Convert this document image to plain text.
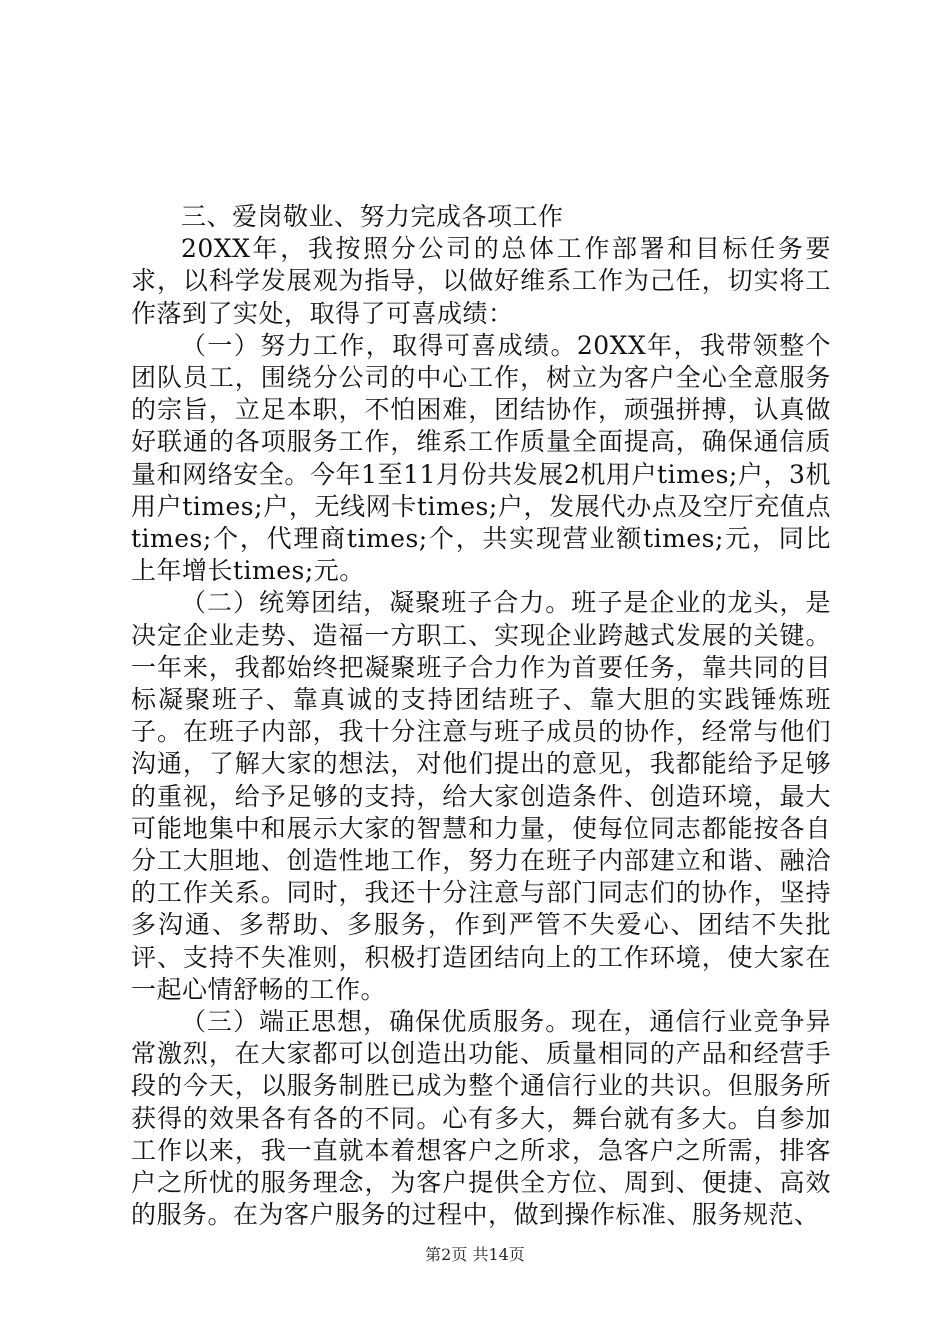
三、爱岗敬业、努力完成各项工作

20XX年，我按照分公司的总体工作部署和目标任务要求，以科学发展观为指导，以做好维系工作为己任，切实将工作落到了实处，取得了可喜成绩：

（一）努力工作，取得可喜成绩。20XX年，我带领整个团队员工，围绕分公司的中心工作，树立为客户全心全意服务的宗旨，立足本职，不怕困难，团结协作，顽强拼搏，认真做好联通的各项服务工作，维系工作质量全面提高，确保通信质量和网络安全。今年1至11月份共发展2机用户times;户，3机用户times;户，无线网卡times;户，发展代办点及空厅充值点times;个，代理商times;个，共实现营业额times;元，同比上年增长times;元。

（二）统筹团结，凝聚班子合力。班子是企业的龙头，是决定企业走势、造福一方职工、实现企业跨越式发展的关键。一年来，我都始终把凝聚班子合力作为首要任务，靠共同的目标凝聚班子、靠真诚的支持团结班子、靠大胆的实践锤炼班子。在班子内部，我十分注意与班子成员的协作，经常与他们沟通，了解大家的想法，对他们提出的意见，我都能给予足够的重视，给予足够的支持，给大家创造条件、创造环境，最大可能地集中和展示大家的智慧和力量，使每位同志都能按各自分工大胆地、创造性地工作，努力在班子内部建立和谐、融洽的工作关系。同时，我还十分注意与部门同志们的协作，坚持多沟通、多帮助、多服务，作到严管不失爱心、团结不失批评、支持不失准则，积极打造团结向上的工作环境，使大家在一起心情舒畅的工作。

（三）端正思想，确保优质服务。现在，通信行业竞争异常激烈，在大家都可以创造出功能、质量相同的产品和经营手段的今天，以服务制胜已成为整个通信行业的共识。但服务所获得的效果各有各的不同。心有多大，舞台就有多大。自参加工作以来，我一直就本着想客户之所求，急客户之所需，排客户之所忧的服务理念，为客户提供全方位、周到、便捷、高效的服务。在为客户服务的过程中，做到操作标准、服务规范、

第2页 共14页
